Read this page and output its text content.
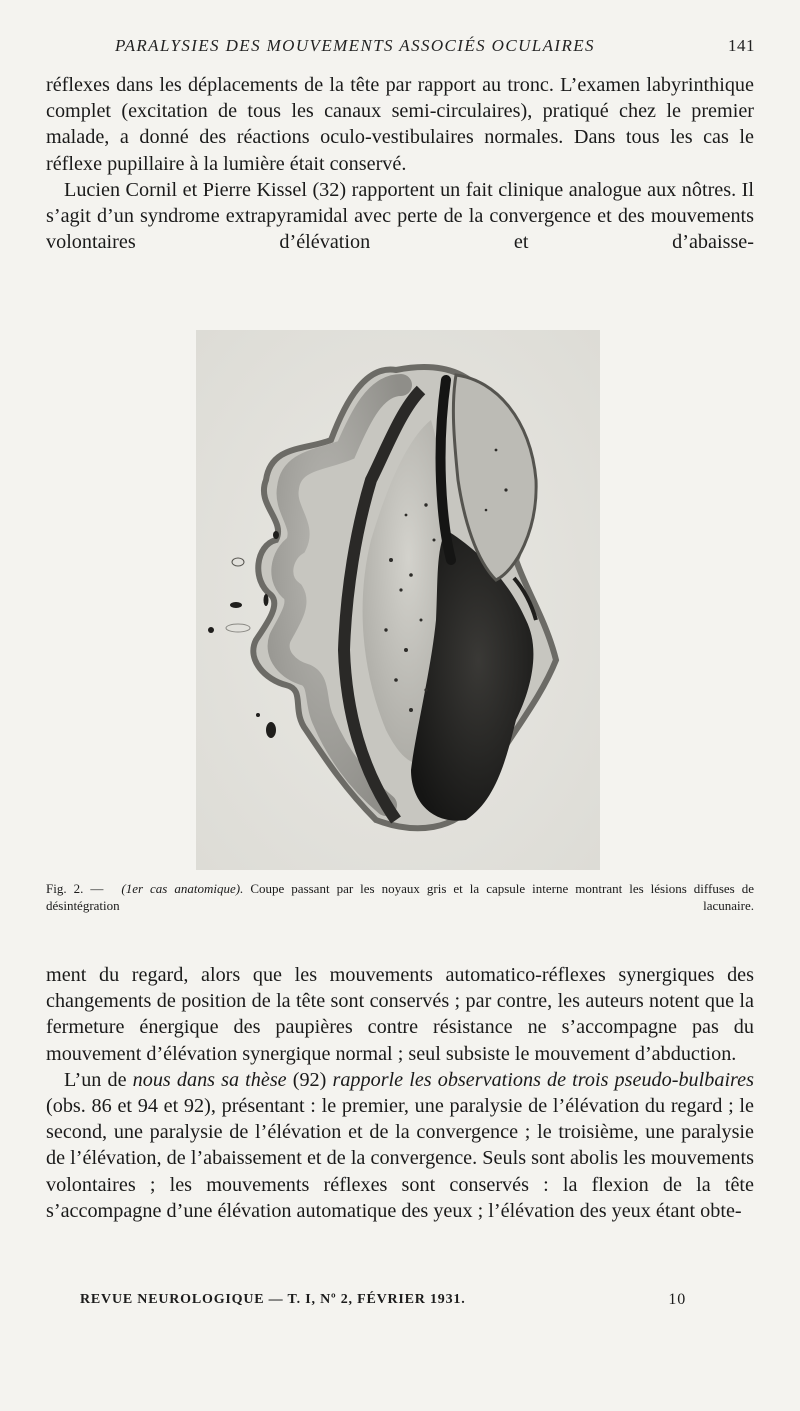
PARALYSIES DES MOUVEMENTS ASSOCIÉS OCULAIRES	141

réflexes dans les déplacements de la tête par rapport au tronc. L’examen labyrinthique complet (excitation de tous les canaux semi-circulaires), pratiqué chez le premier malade, a donné des réactions oculo-vestibulaires normales. Dans tous les cas le réflexe pupillaire à la lumière était conservé.

Lucien Cornil et Pierre Kissel (32) rapportent un fait clinique analogue aux nôtres. Il s’agit d’un syndrome extrapyramidal avec perte de la convergence et des mouvements volontaires d’élévation et d’abaisse-

Fig. 2. — (1er cas anatomique). Coupe passant par les noyaux gris et la capsule interne montrant les lésions diffuses de désintégration lacunaire.

ment du regard, alors que les mouvements automatico-réflexes synergiques des changements de position de la tête sont conservés ; par contre, les auteurs notent que la fermeture énergique des paupières contre résistance ne s’accompagne pas du mouvement d’élévation synergique normal ; seul subsiste le mouvement d’abduction.

L’un de nous dans sa thèse (92) rapporle les observations de trois pseudo-bulbaires (obs. 86 et 94 et 92), présentant : le premier, une paralysie de l’élévation du regard ; le second, une paralysie de l’élévation et de la convergence ; le troisième, une paralysie de l’élévation, de l’abaissement et de la convergence. Seuls sont abolis les mouvements volontaires ; les mouvements réflexes sont conservés : la flexion de la tête s’accompagne d’une élévation automatique des yeux ; l’élévation des yeux étant obte-

REVUE NEUROLOGIQUE — T. I, Nº 2, FÉVRIER 1931.	10
